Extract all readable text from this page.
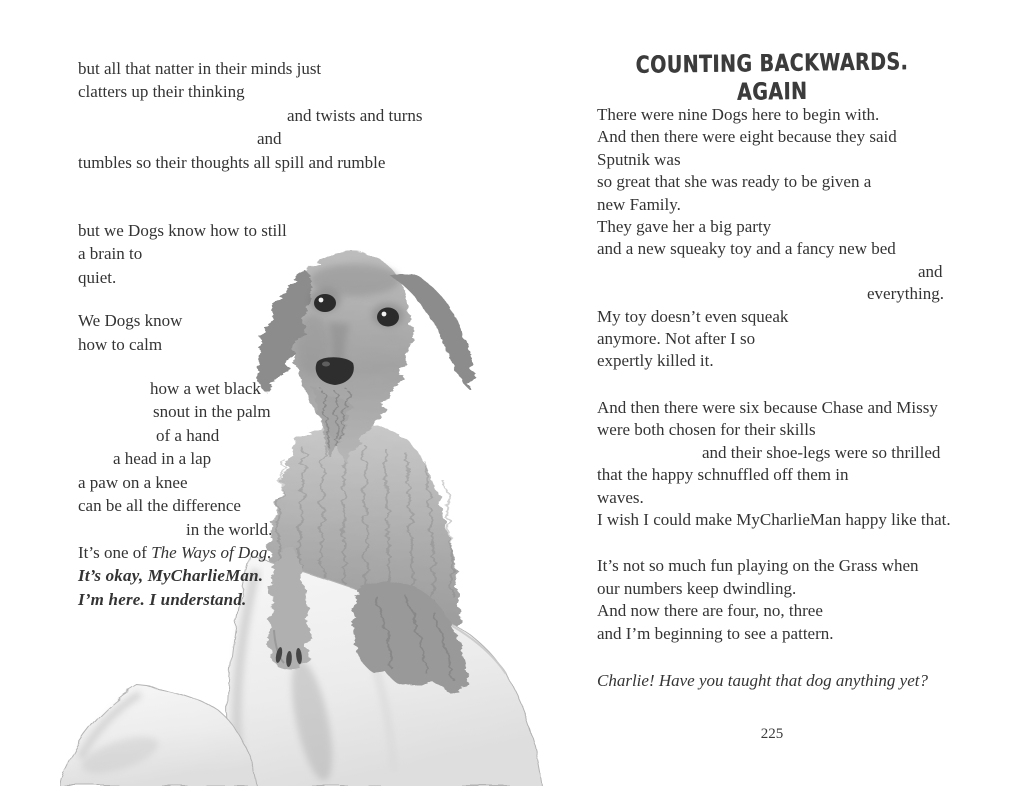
but all that natter in their minds just
clatters up their thinking
and twists and turns
and
tumbles so their thoughts all spill and rumble
but we Dogs know how to still
a brain to
quiet.
We Dogs know
how to calm
how a wet black
snout in the palm
of a hand
a head in a lap
a paw on a knee
can be all the difference
in the world.
It’s one of The Ways of Dog.
It’s okay, MyCharlieMan.
I’m here. I understand.
COUNTING BACKWARDS. AGAIN
There were nine Dogs here to begin with.
And then there were eight because they said
Sputnik was
so great that she was ready to be given a
new Family.
They gave her a big party
and a new squeaky toy and a fancy new bed
and
everything.
My toy doesn’t even squeak
anymore. Not after I so
expertly killed it.
And then there were six because Chase and Missy
were both chosen for their skills
and their shoe-legs were so thrilled
that the happy schnuffled off them in
waves.
I wish I could make MyCharlieMan happy like that.
It’s not so much fun playing on the Grass when
our numbers keep dwindling.
And now there are four, no, three
and I’m beginning to see a pattern.
Charlie! Have you taught that dog anything yet?
225
